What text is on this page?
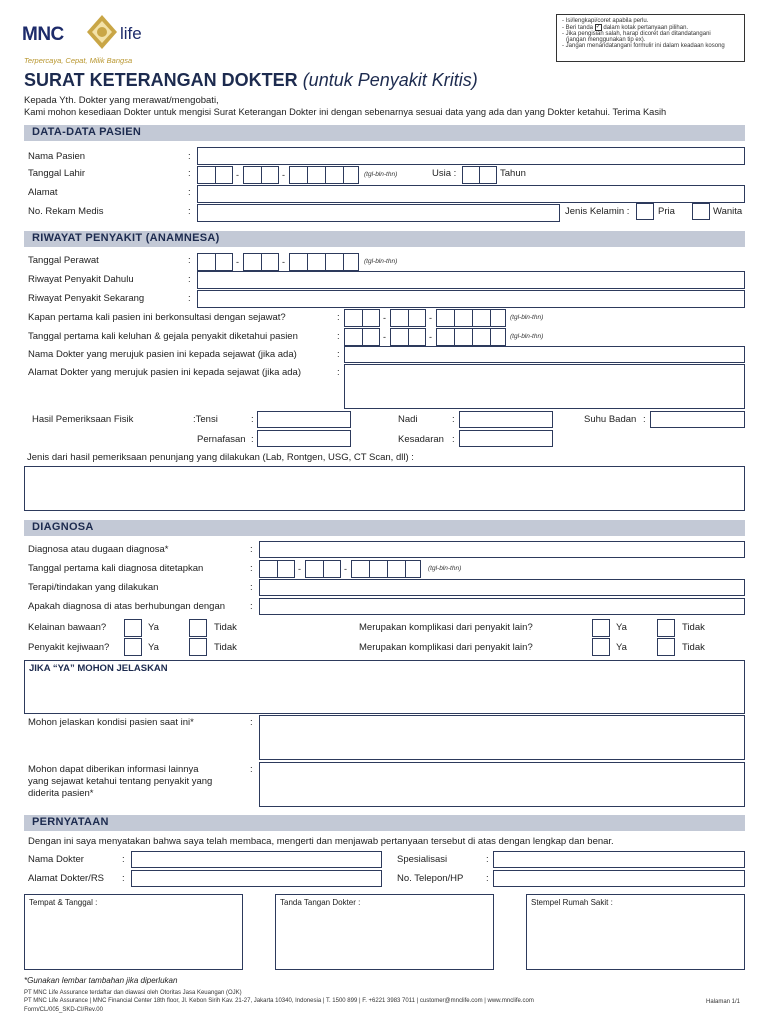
MNC	life
Terpercaya, Cepat, Milik Bangsa
- Isi/lengkapi/coret apabila perlu.
- Beri tanda ✓ dalam kotak pertanyaan pilihan.
- Jika pengisian salah, harap dicoret dan ditandatangani
(jangan menggunakan tip ex).
- Jangan menandatangani formulir ini dalam keadaan kosong
SURAT KETERANGAN DOKTER (untuk Penyakit Kritis)
Kepada Yth. Dokter yang merawat/mengobati,
Kami mohon kesediaan Dokter untuk mengisi Surat Keterangan Dokter ini dengan sebenarnya sesuai data yang ada dan yang Dokter ketahui. Terima Kasih
DATA-DATA PASIEN
Nama Pasien	:
Tanggal Lahir	:	-	-	(tgl-bln-thn)	Usia :	Tahun
Alamat	:
No. Rekam Medis	:	Jenis Kelamin :	Pria	Wanita
RIWAYAT PENYAKIT (ANAMNESA)
Tanggal Perawat	:	-	-	(tgl-bln-thn)
Riwayat Penyakit Dahulu	:
Riwayat Penyakit Sekarang	:
Kapan pertama kali pasien ini berkonsultasi dengan sejawat?	:	-	-	(tgl-bln-thn)
Tanggal pertama kali keluhan & gejala penyakit diketahui pasien	:	-	-	(tgl-bln-thn)
Nama Dokter yang merujuk pasien ini kepada sejawat (jika ada)	:
Alamat Dokter yang merujuk pasien ini kepada sejawat (jika ada)	:
Hasil Pemeriksaan Fisik	:Tensi	:	Nadi	:	Suhu Badan :
Pernafasan :	Kesadaran :
Jenis dari hasil pemeriksaan penunjang yang dilakukan (Lab, Rontgen, USG, CT Scan, dll) :
DIAGNOSA
Diagnosa atau dugaan diagnosa*	:
Tanggal pertama kali diagnosa ditetapkan	:	-	-	(tgl-bln-thn)
Terapi/tindakan yang dilakukan	:
Apakah diagnosa di atas berhubungan dengan	:
Kelainan bawaan?	Ya	Tidak	Merupakan komplikasi dari penyakit lain?	Ya	Tidak
Penyakit kejiwaan?	Ya	Tidak	Merupakan komplikasi dari penyakit lain?	Ya	Tidak
JIKA “YA” MOHON JELASKAN
Mohon jelaskan kondisi pasien saat ini*	:
Mohon dapat diberikan informasi lainnya
yang sejawat ketahui tentang penyakit yang
diderita pasien*
:
PERNYATAAN
Dengan ini saya menyatakan bahwa saya telah membaca, mengerti dan menjawab pertanyaan tersebut di atas dengan lengkap dan benar.
Nama Dokter	:	Spesialisasi	:
Alamat Dokter/RS :	No. Telepon/HP :
Tempat & Tanggal :	Tanda Tangan Dokter :	Stempel Rumah Sakit :
*Gunakan lembar tambahan jika diperlukan
PT MNC Life Assurance terdaftar dan diawasi oleh Otoritas Jasa Keuangan (OJK)
PT MNC Life Assurance | MNC Financial Center 18th floor, Jl. Kebon Sirih Kav. 21-27, Jakarta 10340, Indonesia | T. 1500 899 | F. +6221 3983 7011 | customer@mnclife.com | www.mnclife.com
Form/CL/005_SKD-CI/Rev.00
Halaman 1/1
